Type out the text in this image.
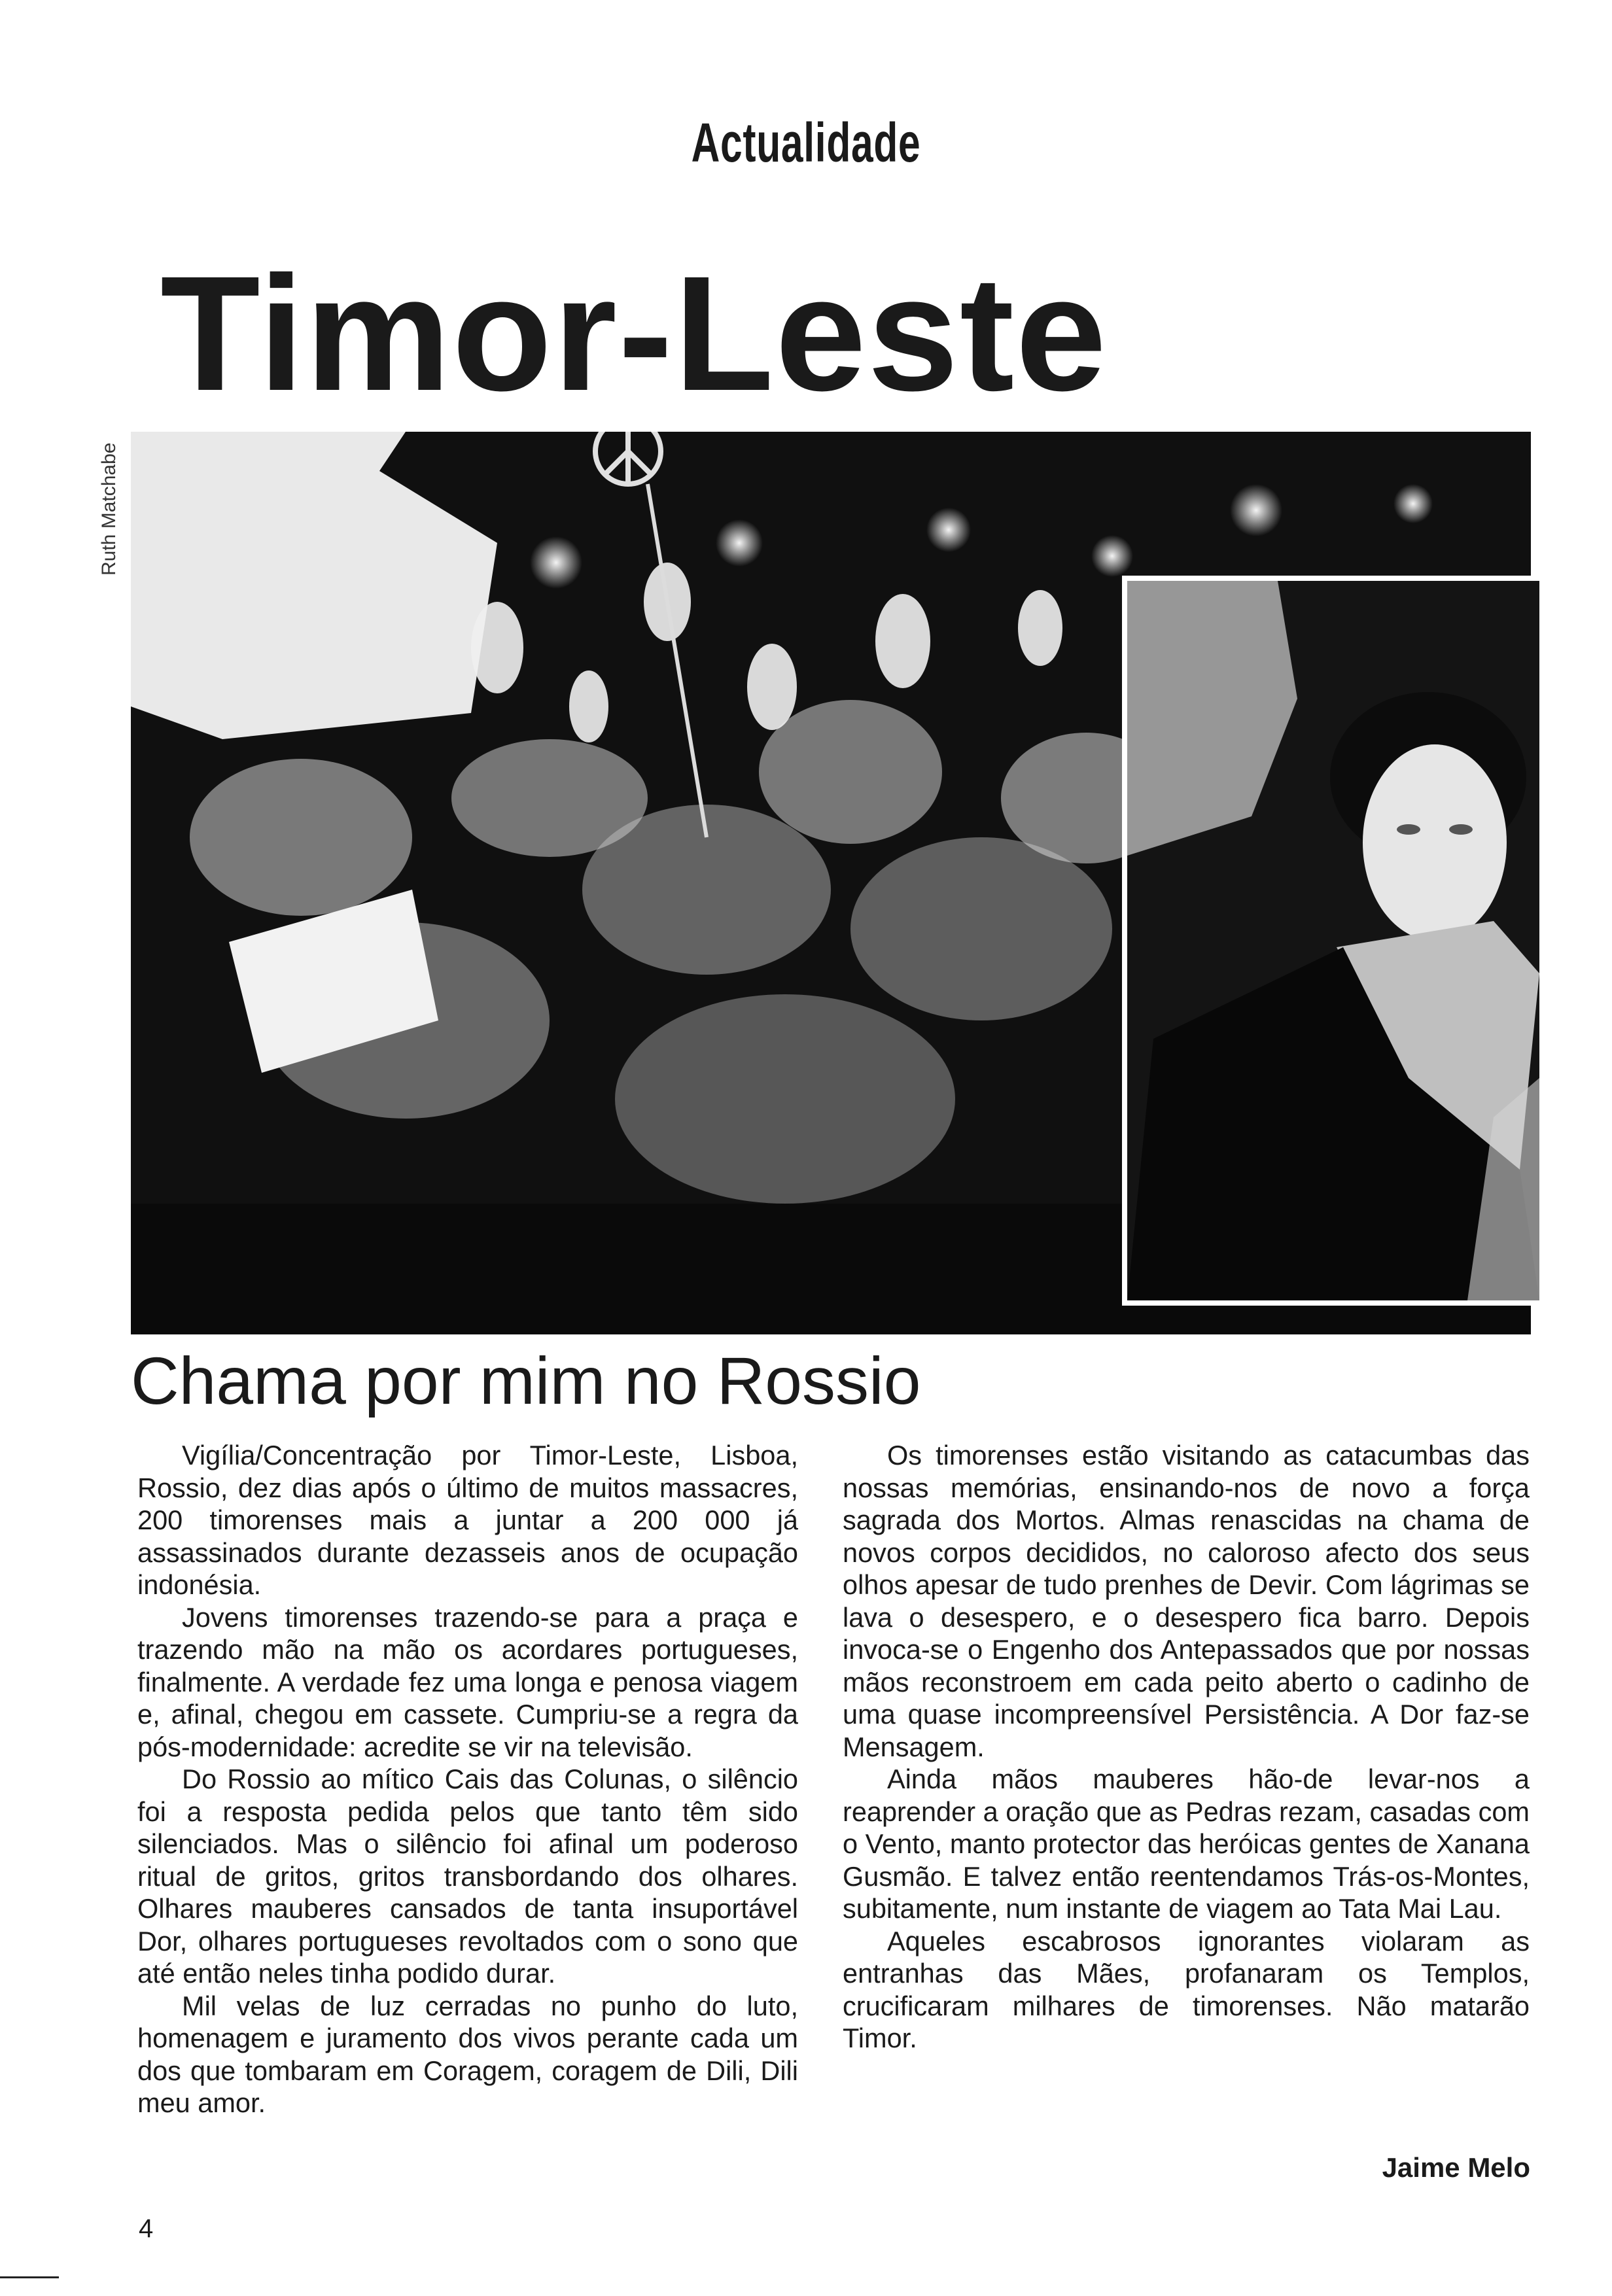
Actualidade
Timor-Leste
Ruth Matchabe
Chama por mim no Rossio

Vigília/Concentração por Timor-Leste, Lisboa, Rossio, dez dias após o último de muitos massacres, 200 timorenses mais a juntar a 200 000 já assassinados durante dezasseis anos de ocupação indonésia.

Jovens timorenses trazendo-se para a praça e trazendo mão na mão os acordares portugueses, finalmente. A verdade fez uma longa e penosa viagem e, afinal, chegou em cassete. Cumpriu-se a regra da pós-modernidade: acredite se vir na televisão.

Do Rossio ao mítico Cais das Colunas, o silêncio foi a resposta pedida pelos que tanto têm sido silenciados. Mas o silêncio foi afinal um poderoso ritual de gritos, gritos transbordando dos olhares. Olhares mauberes cansados de tanta insuportável Dor, olhares portugueses revoltados com o sono que até então neles tinha podido durar.

Mil velas de luz cerradas no punho do luto, homenagem e juramento dos vivos perante cada um dos que tombaram em Coragem, coragem de Dili, Dili meu amor.

Os timorenses estão visitando as catacumbas das nossas memórias, ensinando-nos de novo a força sagrada dos Mortos. Almas renascidas na chama de novos corpos decididos, no caloroso afecto dos seus olhos apesar de tudo prenhes de Devir. Com lágrimas se lava o desespero, e o desespero fica barro. Depois invoca-se o Engenho dos Antepassados que por nossas mãos reconstroem em cada peito aberto o cadinho de uma quase incompreensível Persistência. A Dor faz-se Mensagem.

Ainda mãos mauberes hão-de levar-nos a reaprender a oração que as Pedras rezam, casadas com o Vento, manto protector das heróicas gentes de Xanana Gusmão. E talvez então reentendamos Trás-os-Montes, subitamente, num instante de viagem ao Tata Mai Lau.

Aqueles escabrosos ignorantes violaram as entranhas das Mães, profanaram os Templos, crucificaram milhares de timorenses. Não matarão Timor.

Jaime Melo
4
